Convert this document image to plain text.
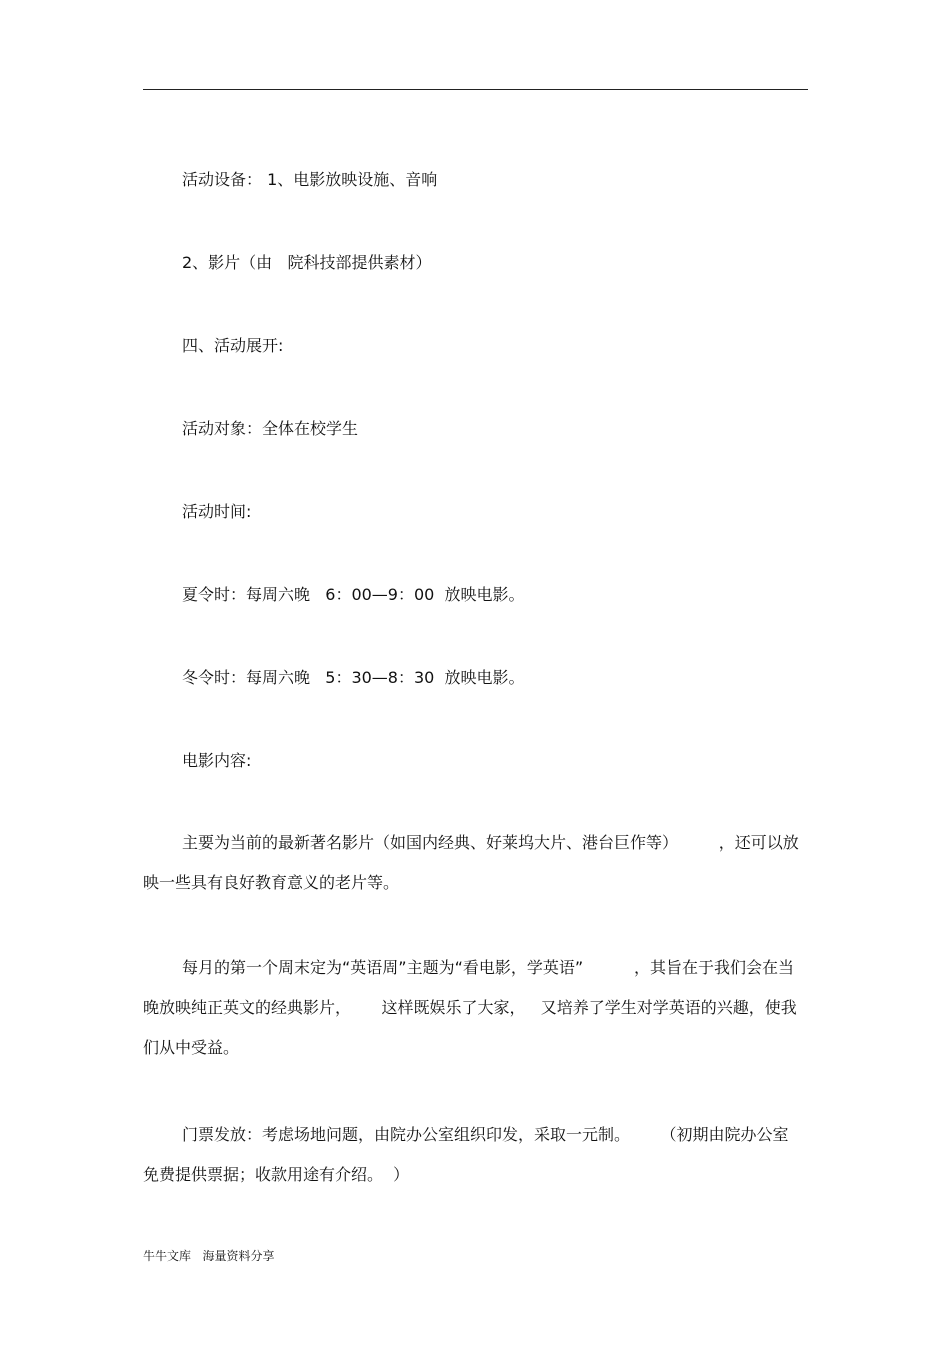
活动设备： 1、电影放映设施、音响
2、影片（由   院科技部提供素材）
四、活动展开:
活动对象：全体在校学生
活动时间:
夏令时：每周六晚   6：00—9：00  放映电影。
冬令时：每周六晚   5：30—8：30  放映电影。
电影内容:

主要为当前的最新著名影片（如国内经典、好莱坞大片、港台巨作等）        ，还可以放映一些具有良好教育意义的老片等。

每月的第一个周末定为“英语周”主题为“看电影，学英语”          ，其旨在于我们会在当晚放映纯正英文的经典影片，      这样既娱乐了大家，   又培养了学生对学英语的兴趣，使我们从中受益。

门票发放：考虑场地问题，由院办公室组织印发，采取一元制。      （初期由院办公室免费提供票据；收款用途有介绍。  ）

牛牛文库   海量资料分享
